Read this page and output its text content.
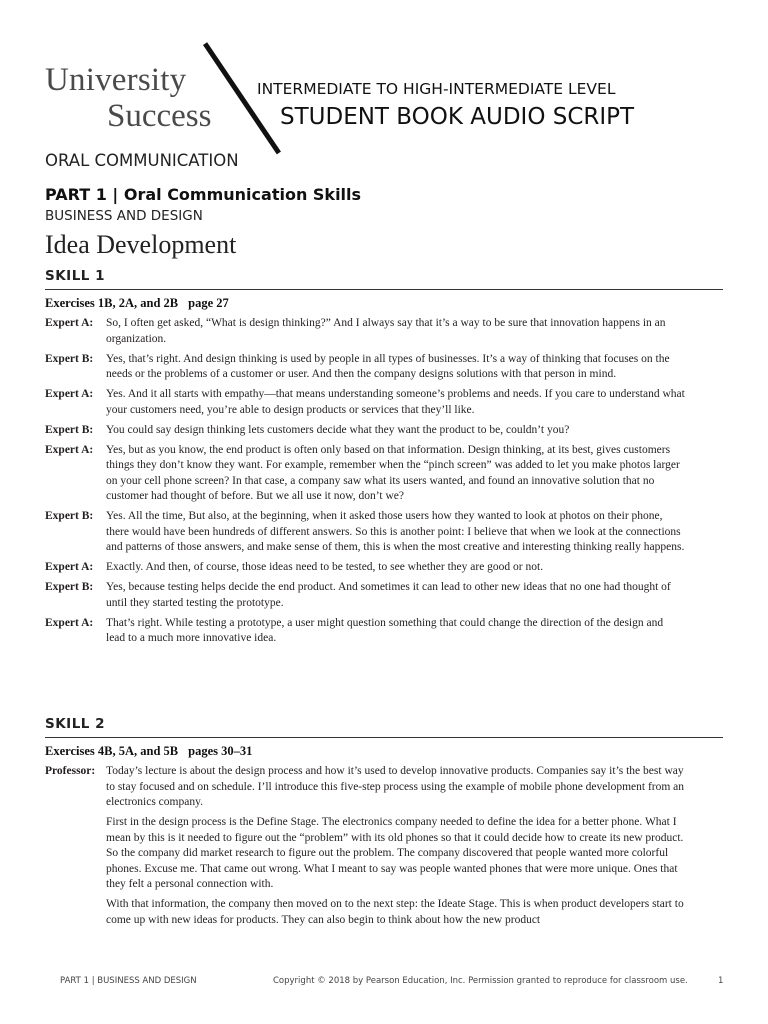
University
Success
INTERMEDIATE TO HIGH-INTERMEDIATE LEVEL
STUDENT BOOK AUDIO SCRIPT
ORAL COMMUNICATION
PART 1 | Oral Communication Skills
BUSINESS AND DESIGN
Idea Development
SKILL 1
Exercises 1B, 2A, and 2B page 27
Expert A:	So, I often get asked, “What is design thinking?” And I always say that it’s a way to be sure that innovation happens in an organization.
Expert B:	Yes, that’s right. And design thinking is used by people in all types of businesses. It’s a way of thinking that focuses on the needs or the problems of a customer or user. And then the company designs solutions with that person in mind.
Expert A:	Yes. And it all starts with empathy—that means understanding someone’s problems and needs. If you care to understand what your customers need, you’re able to design products or services that they’ll like.
Expert B:	You could say design thinking lets customers decide what they want the product to be, couldn’t you?
Expert A:	Yes, but as you know, the end product is often only based on that information. Design thinking, at its best, gives customers things they don’t know they want. For example, remember when the “pinch screen” was added to let you make photos larger on your cell phone screen? In that case, a company saw what its users wanted, and found an innovative solution that no customer had thought of before. But we all use it now, don’t we?
Expert B:	Yes. All the time, But also, at the beginning, when it asked those users how they wanted to look at photos on their phone, there would have been hundreds of different answers. So this is another point: I believe that when we look at the connections and patterns of those answers, and make sense of them, this is when the most creative and interesting thinking really happens.
Expert A:	Exactly. And then, of course, those ideas need to be tested, to see whether they are good or not.
Expert B:	Yes, because testing helps decide the end product. And sometimes it can lead to other new ideas that no one had thought of until they started testing the prototype.
Expert A:	That’s right. While testing a prototype, a user might question something that could change the direction of the design and lead to a much more innovative idea.
SKILL 2
Exercises 4B, 5A, and 5B pages 30–31
Professor: Today’s lecture is about the design process and how it’s used to develop innovative products. Companies say it’s the best way to stay focused and on schedule. I’ll introduce this five-step process using the example of mobile phone development from an electronics company.
First in the design process is the Define Stage. The electronics company needed to define the idea for a better phone. What I mean by this is it needed to figure out the “problem” with its old phones so that it could decide how to create its new product. So the company did market research to figure out the problem. The company discovered that people wanted more colorful phones. Excuse me. That came out wrong. What I meant to say was people wanted phones that were more unique. Ones that they felt a personal connection with.
With that information, the company then moved on to the next step: the Ideate Stage. This is when product developers start to come up with new ideas for products. They can also begin to think about how the new product
PART 1 | BUSINESS AND DESIGN	Copyright © 2018 by Pearson Education, Inc. Permission granted to reproduce for classroom use.	1
